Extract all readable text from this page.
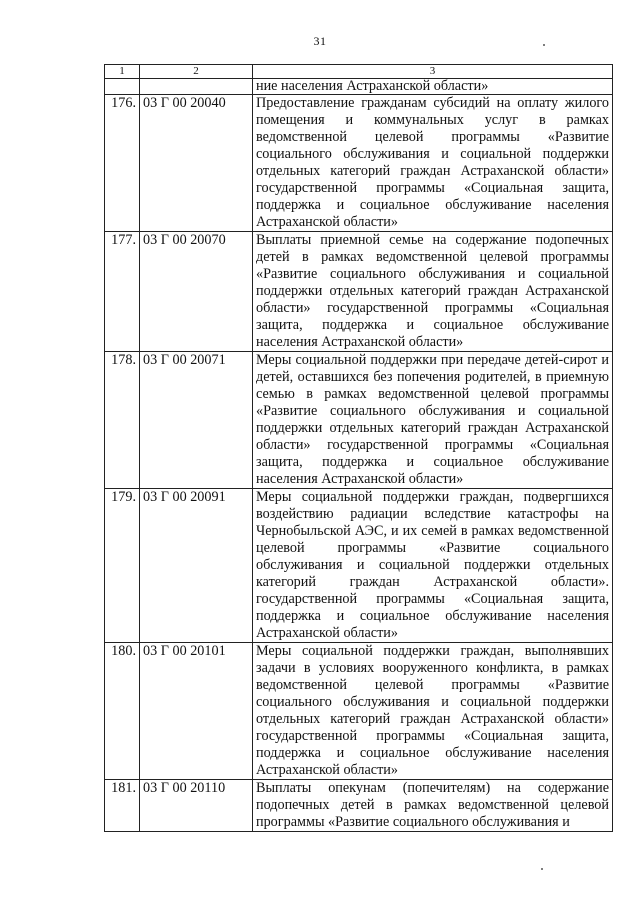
31
1	2	3
		ние населения Астраханской области»
176.	03 Г 00 20040	Предоставление гражданам субсидий на оплату жилого помещения и коммунальных услуг в рамках ведомственной целевой программы «Развитие социального обслуживания и социальной поддержки отдельных категорий граждан Астраханской области» государственной программы «Социальная защита, поддержка и социальное обслуживание населения Астраханской области»
177.	03 Г 00 20070	Выплаты приемной семье на содержание подопечных детей в рамках ведомственной целевой программы «Развитие социального обслуживания и социальной поддержки отдельных категорий граждан Астраханской области» государственной программы «Социальная защита, поддержка и социальное обслуживание населения Астраханской области»
178.	03 Г 00 20071	Меры социальной поддержки при передаче детей-сирот и детей, оставшихся без попечения родителей, в приемную семью в рамках ведомственной целевой программы «Развитие социального обслуживания и социальной поддержки отдельных категорий граждан Астраханской области» государственной программы «Социальная защита, поддержка и социальное обслуживание населения Астраханской области»
179.	03 Г 00 20091	Меры социальной поддержки граждан, подвергшихся воздействию радиации вследствие катастрофы на Чернобыльской АЭС, и их семей в рамках ведомственной целевой программы «Развитие социального обслуживания и социальной поддержки отдельных категорий граждан Астраханской области». государственной программы «Социальная защита, поддержка и социальное обслуживание населения Астраханской области»
180.	03 Г 00 20101	Меры социальной поддержки граждан, выполнявших задачи в условиях вооруженного конфликта, в рамках ведомственной целевой программы «Развитие социального обслуживания и социальной поддержки отдельных категорий граждан Астраханской области» государственной программы «Социальная защита, поддержка и социальное обслуживание населения Астраханской области»
181.	03 Г 00 20110	Выплаты опекунам (попечителям) на содержание подопечных детей в рамках ведомственной целевой программы «Развитие социального обслуживания и
